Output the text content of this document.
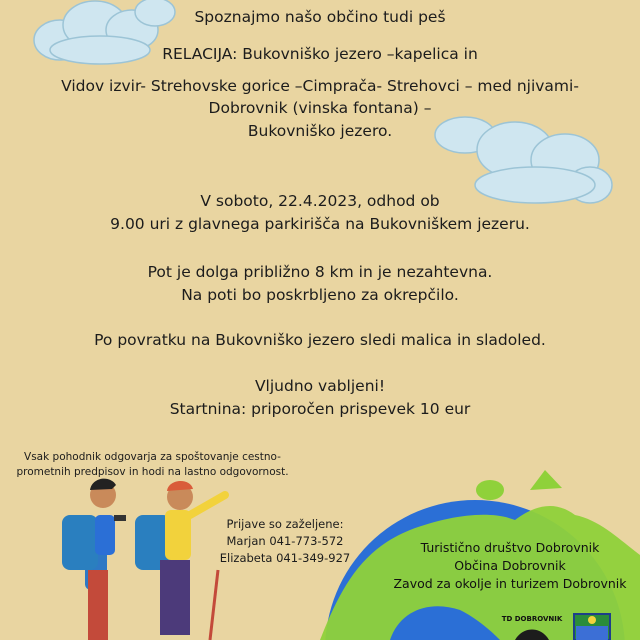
Spoznajmo našo občino tudi peš
RELACIJA: Bukovniško jezero –kapelica in
Vidov izvir- Strehovske gorice –Cimprača- Strehovci – med njivami-
Dobrovnik (vinska fontana) –
Bukovniško jezero.
V soboto, 22.4.2023, odhod ob
9.00 uri z glavnega parkirišča na Bukovniškem jezeru.
Pot je dolga približno 8 km in je nezahtevna.
Na poti bo poskrbljeno za okrepčilo.
Po povratku na Bukovniško jezero sledi malica in sladoled.
Vljudno vabljeni!
Startnina: priporočen prispevek 10 eur
Vsak pohodnik odgovarja za spoštovanje cestno-
prometnih predpisov in hodi na lastno odgovornost.
Prijave so zaželjene:
Marjan 041-773-572
Elizabeta 041-349-927
Turistično društvo Dobrovnik
Občina Dobrovnik
Zavod za okolje in turizem Dobrovnik
TD DOBROVNIK
